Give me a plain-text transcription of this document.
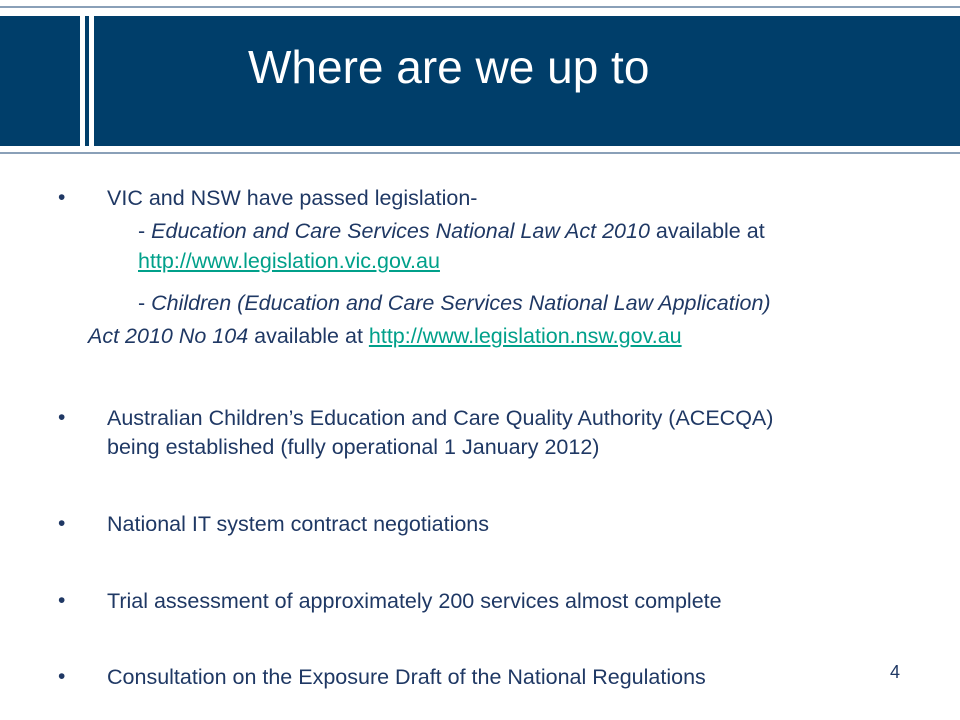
Where are we up to
• VIC and NSW have passed legislation-
- Education and Care Services National Law Act 2010 available at
http://www.legislation.vic.gov.au
- Children (Education and Care Services National Law Application)
Act 2010 No 104 available at http://www.legislation.nsw.gov.au
• Australian Children’s Education and Care Quality Authority (ACECQA)
being established (fully operational 1 January 2012)
• National IT system contract negotiations
• Trial assessment of approximately 200 services almost complete
• Consultation on the Exposure Draft of the National Regulations	4
